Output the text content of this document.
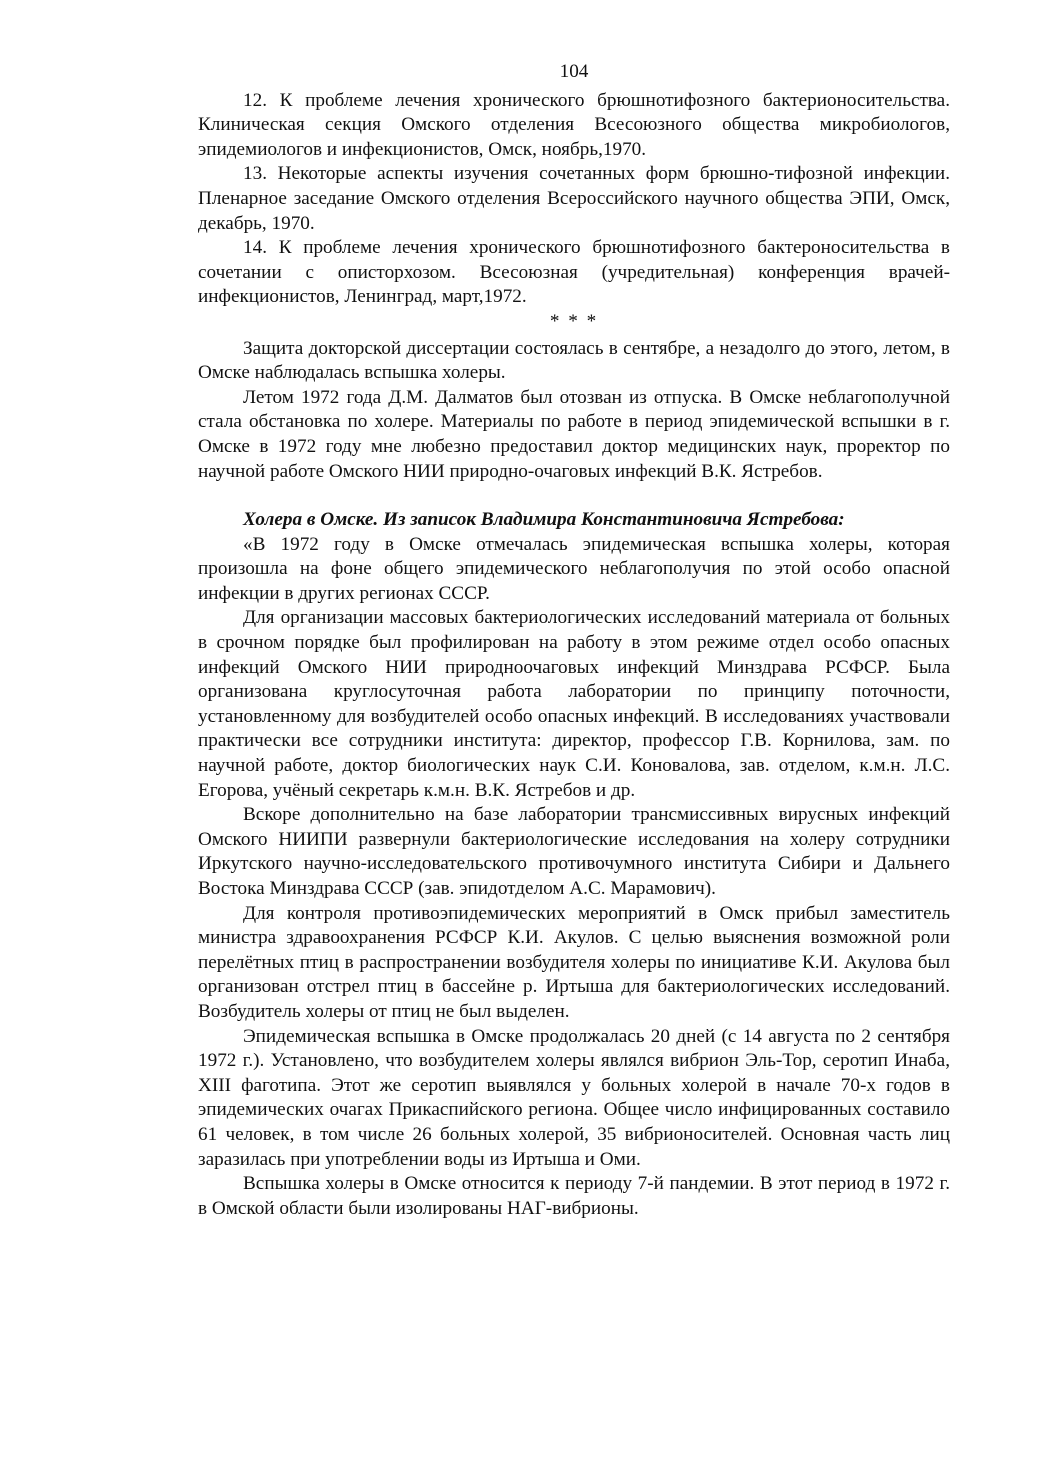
104

12. К проблеме лечения хронического брюшнотифозного бактерионосительства. Клиническая секция Омского отделения Всесоюзного общества микробиологов, эпидемиологов и инфекционистов, Омск, ноябрь,1970.

13. Некоторые аспекты изучения сочетанных форм брюшно-тифозной инфекции. Пленарное заседание Омского отделения Всероссийского научного общества ЭПИ, Омск, декабрь, 1970.

14. К проблеме лечения хронического брюшнотифозного бактероносительства в сочетании с описторхозом. Всесоюзная (учредительная) конференция врачей-инфекционистов, Ленинград, март,1972.

* * *

Защита докторской диссертации состоялась в сентябре, а незадолго до этого, летом, в Омске наблюдалась вспышка холеры.

Летом 1972 года Д.М. Далматов был отозван из отпуска. В Омске неблагополучной стала обстановка по холере. Материалы по работе в период эпидемической вспышки в г. Омске в 1972 году мне любезно предоставил доктор медицинских наук, проректор по научной работе Омского НИИ природно-очаговых инфекций В.К. Ястребов.

Холера в Омске. Из записок Владимира Константиновича Ястребова:

«В 1972 году в Омске отмечалась эпидемическая вспышка холеры, которая произошла на фоне общего эпидемического неблагополучия по этой особо опасной инфекции в других регионах СССР.

Для организации массовых бактериологических исследований материала от больных в срочном порядке был профилирован на работу в этом режиме отдел особо опасных инфекций Омского НИИ природноочаговых инфекций Минздрава РСФСР. Была организована круглосуточная работа лаборатории по принципу поточности, установленному для возбудителей особо опасных инфекций. В исследованиях участвовали практически все сотрудники института: директор, профессор Г.В. Корнилова, зам. по научной работе, доктор биологических наук С.И. Коновалова, зав. отделом, к.м.н. Л.С. Егорова, учёный секретарь к.м.н. В.К. Ястребов и др.

Вскоре дополнительно на базе лаборатории трансмиссивных вирусных инфекций Омского НИИПИ развернули бактериологические исследования на холеру сотрудники Иркутского научно-исследовательского противочумного института Сибири и Дальнего Востока Минздрава СССР (зав. эпидотделом А.С. Марамович).

Для контроля противоэпидемических мероприятий в Омск прибыл заместитель министра здравоохранения РСФСР К.И. Акулов. С целью выяснения возможной роли перелётных птиц в распространении возбудителя холеры по инициативе К.И. Акулова был организован отстрел птиц в бассейне р. Иртыша для бактериологических исследований. Возбудитель холеры от птиц не был выделен.

Эпидемическая вспышка в Омске продолжалась 20 дней (с 14 августа по 2 сентября 1972 г.). Установлено, что возбудителем холеры являлся вибрион Эль-Тор, серотип Инаба, XIII фаготипа. Этот же серотип выявлялся у больных холерой в начале 70-х годов в эпидемических очагах Прикаспийского региона. Общее число инфицированных составило 61 человек, в том числе 26 больных холерой, 35 вибрионосителей. Основная часть лиц заразилась при употреблении воды из Иртыша и Оми.

Вспышка холеры в Омске относится к периоду 7-й пандемии. В этот период в 1972 г. в Омской области были изолированы НАГ-вибрионы.
